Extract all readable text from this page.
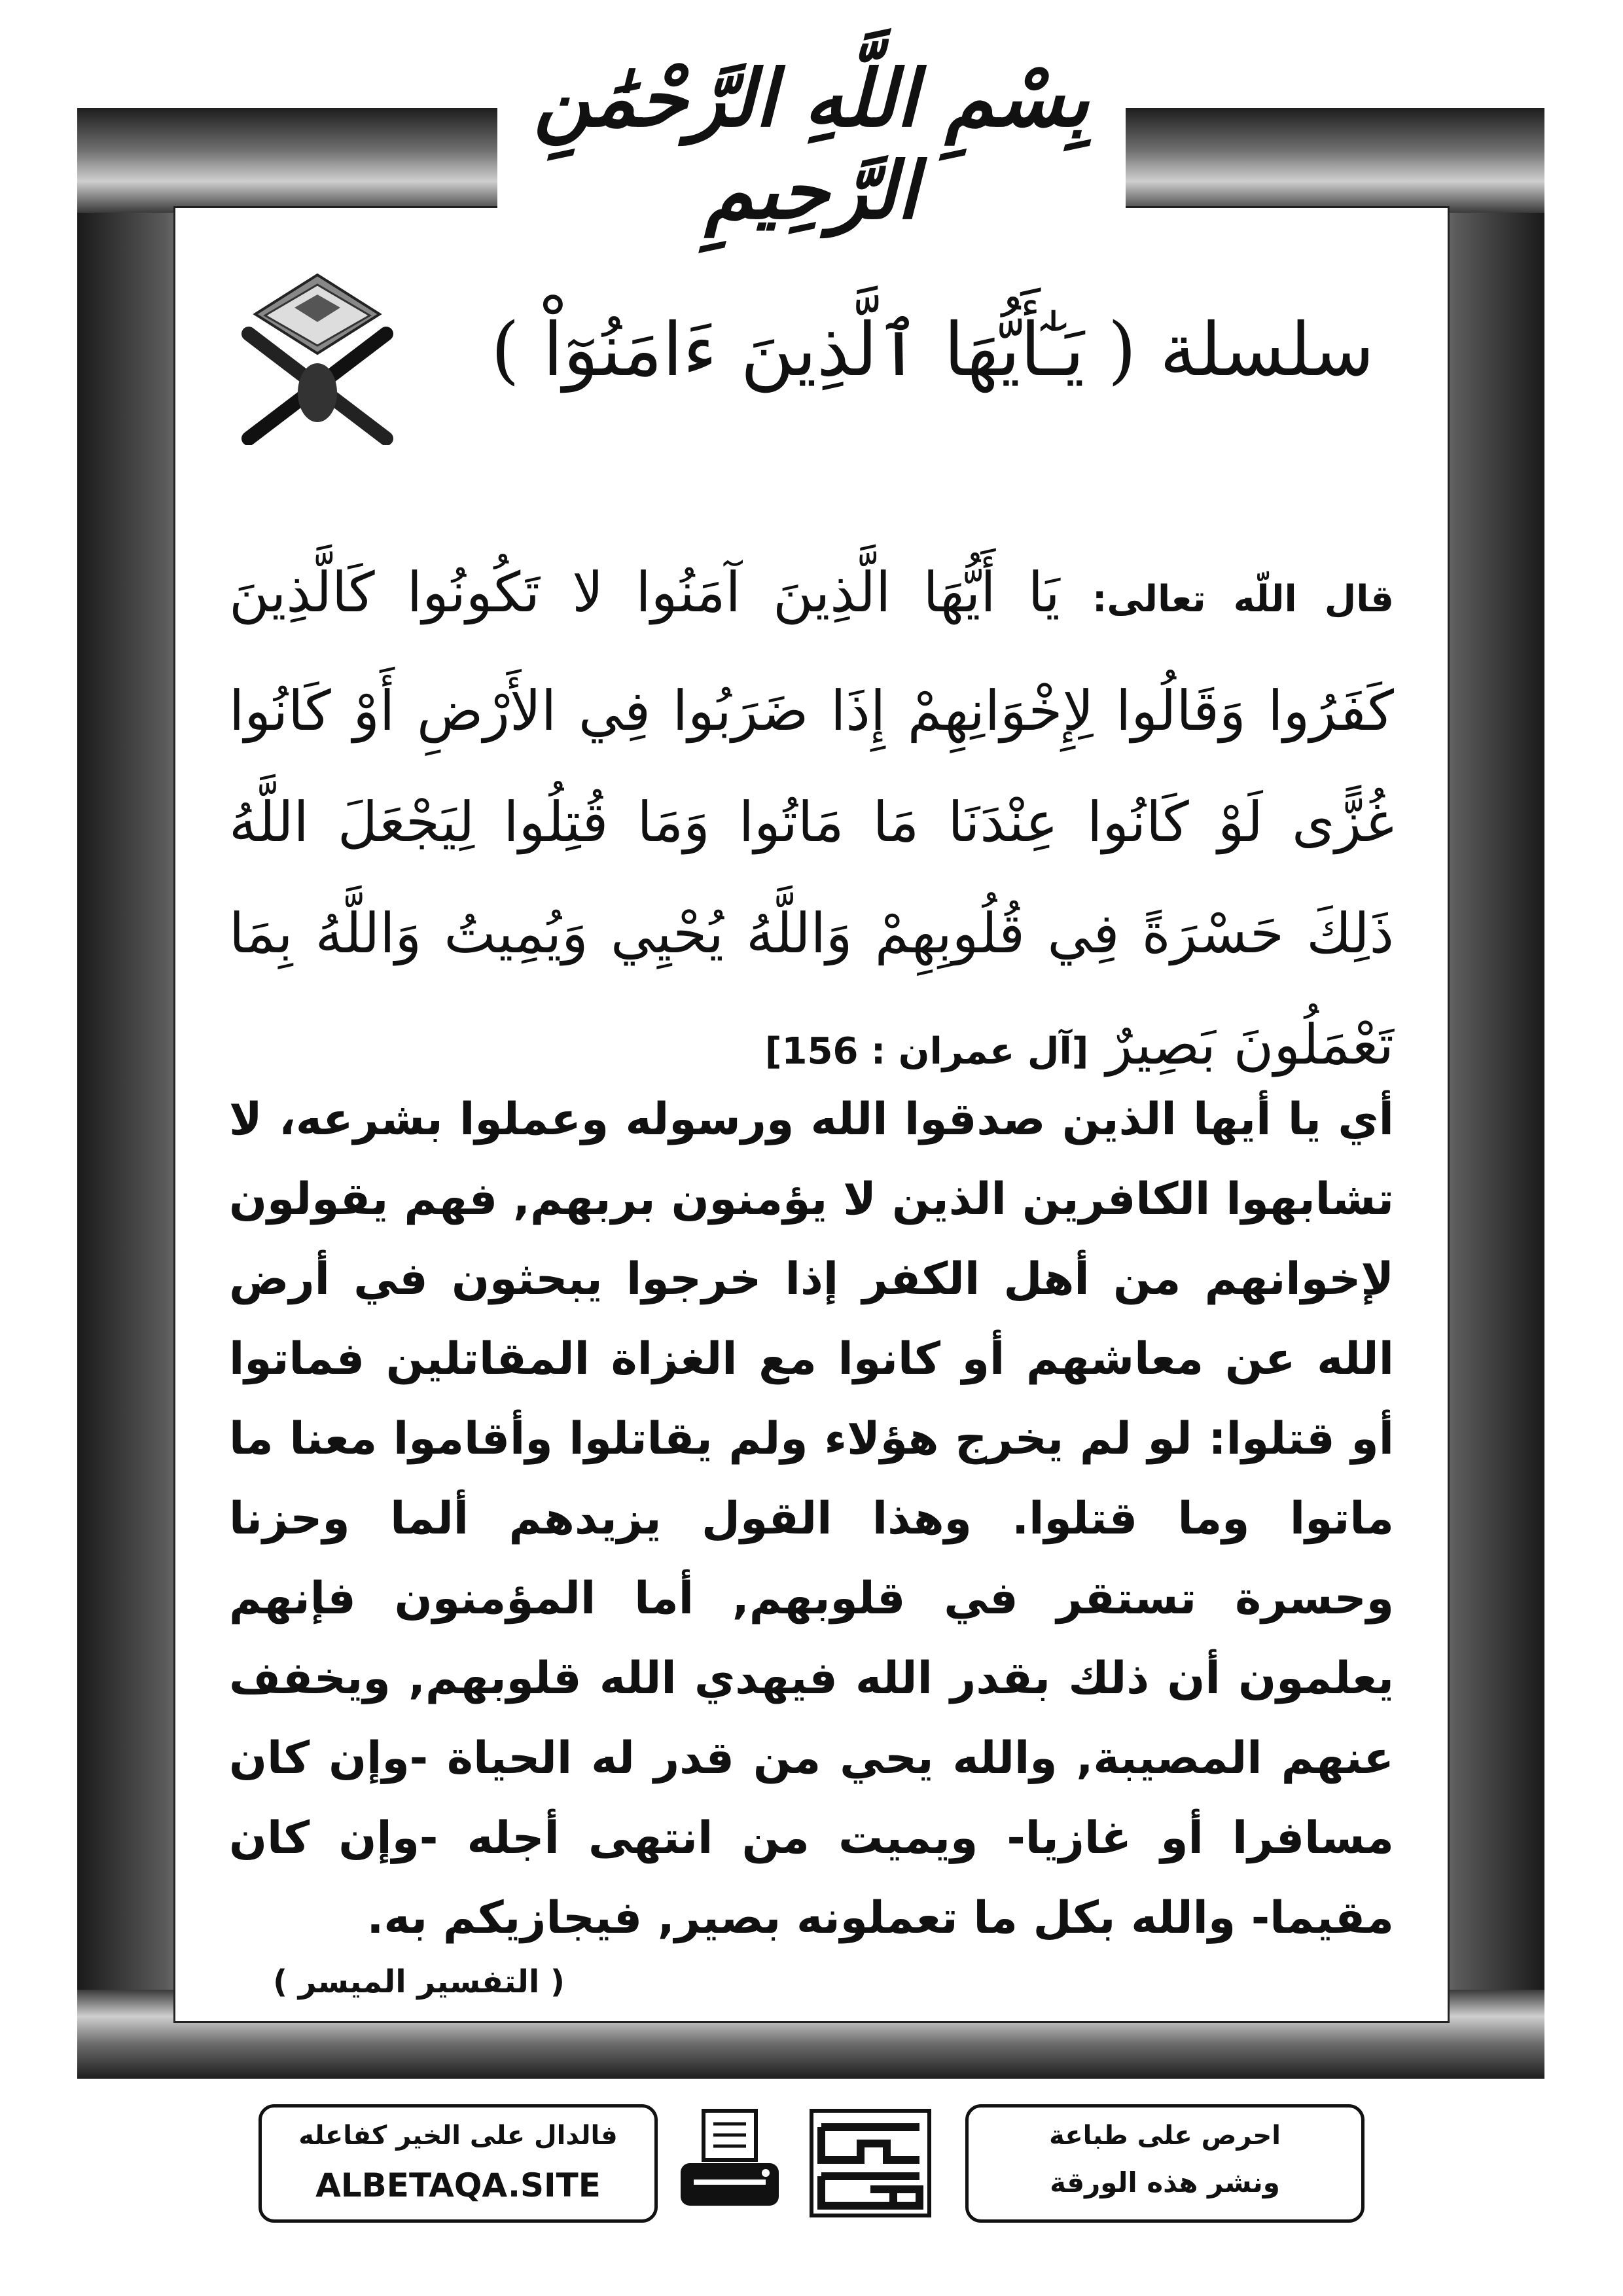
بِسْمِ اللَّهِ الرَّحْمَٰنِ الرَّحِيمِ
سلسلة ( يَـٰٓأَيُّهَا ٱلَّذِينَ ءَامَنُوٓاْ )
قال اللّه تعالى: يَا أَيُّهَا الَّذِينَ آمَنُوا لا تَكُونُوا كَالَّذِينَ كَفَرُوا وَقَالُوا لِإِخْوَانِهِمْ إِذَا ضَرَبُوا فِي الأَرْضِ أَوْ كَانُوا غُزًّى لَوْ كَانُوا عِنْدَنَا مَا مَاتُوا وَمَا قُتِلُوا لِيَجْعَلَ اللَّهُ ذَلِكَ حَسْرَةً فِي قُلُوبِهِمْ وَاللَّهُ يُحْيِي وَيُمِيتُ وَاللَّهُ بِمَا تَعْمَلُونَ بَصِيرٌ [آل عمران : 156]
أي يا أيها الذين صدقوا الله ورسوله وعملوا بشرعه، لا تشابهوا الكافرين الذين لا يؤمنون بربهم, فهم يقولون لإخوانهم من أهل الكفر إذا خرجوا يبحثون في أرض الله عن معاشهم أو كانوا مع الغزاة المقاتلين فماتوا أو قتلوا: لو لم يخرج هؤلاء ولم يقاتلوا وأقاموا معنا ما ماتوا وما قتلوا. وهذا القول يزيدهم ألما وحزنا وحسرة تستقر في قلوبهم, أما المؤمنون فإنهم يعلمون أن ذلك بقدر الله فيهدي الله قلوبهم, ويخفف عنهم المصيبة, والله يحي من قدر له الحياة -وإن كان مسافرا أو غازيا- ويميت من انتهى أجله -وإن كان مقيما- والله بكل ما تعملونه بصير, فيجازيكم به.
( التفسير الميسر )
فالدال على الخير كفاعله
ALBETAQA.SITE
احرص على طباعة
ونشر هذه الورقة
